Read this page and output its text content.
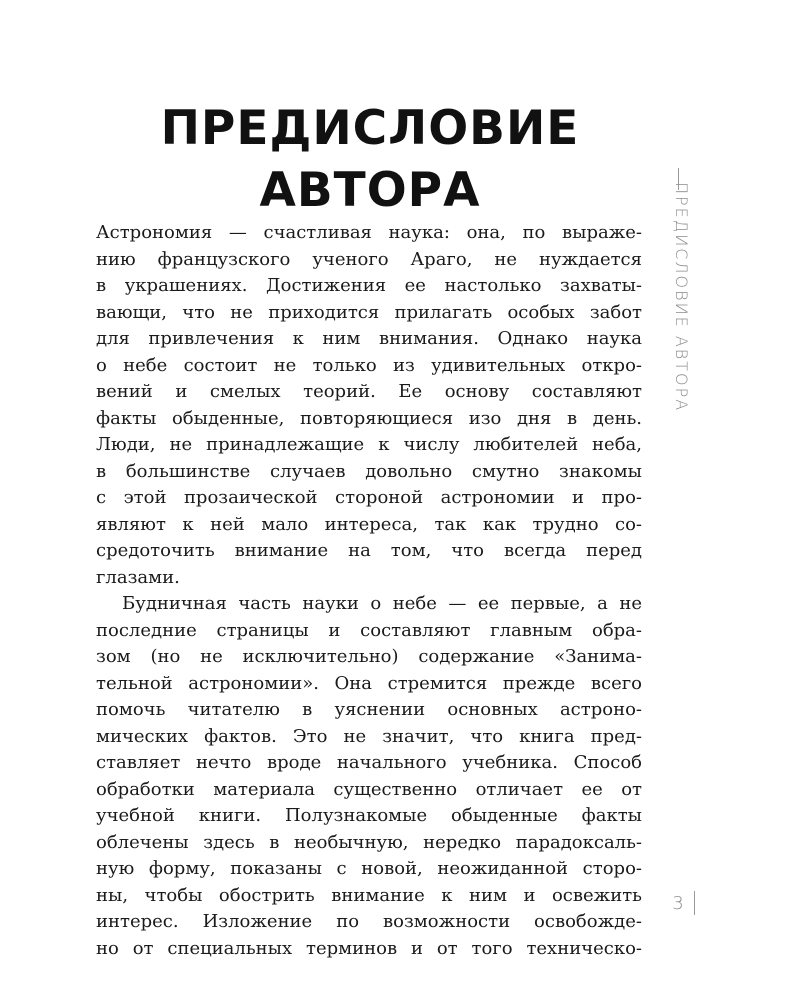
ПРЕДИСЛОВИЕ
АВТОРА	ПРЕДИСЛОВИЕ АВТОРА
Астрономия — счастливая наука: она, по выраже-
нию французского ученого Араго, не нуждается
в украшениях. Достижения ее настолько захваты-
вающи, что не приходится прилагать особых забот
для привлечения к ним внимания. Однако наука
о небе состоит не только из удивительных откро-
вений и смелых теорий. Ее основу составляют
факты обыденные, повторяющиеся изо дня в день.
Люди, не принадлежащие к числу любителей неба,
в большинстве случаев довольно смутно знакомы
с этой прозаической стороной астрономии и про-
являют к ней мало интереса, так как трудно со-
средоточить внимание на том, что всегда перед
глазами.
Будничная часть науки о небе — ее первые, а не
последние страницы и составляют главным обра-
зом (но не исключительно) содержание «Занима-
тельной астрономии». Она стремится прежде всего
помочь читателю в уяснении основных астроно-
мических фактов. Это не значит, что книга пред-
ставляет нечто вроде начального учебника. Способ
обработки материала существенно отличает ее от
учебной книги. Полузнакомые обыденные факты
облечены здесь в необычную, нередко парадоксаль-
ную форму, показаны с новой, неожиданной сторо-
ны, чтобы обострить внимание к ним и освежить
интерес. Изложение по возможности освобожде-
но от специальных терминов и от того техническо-
3
